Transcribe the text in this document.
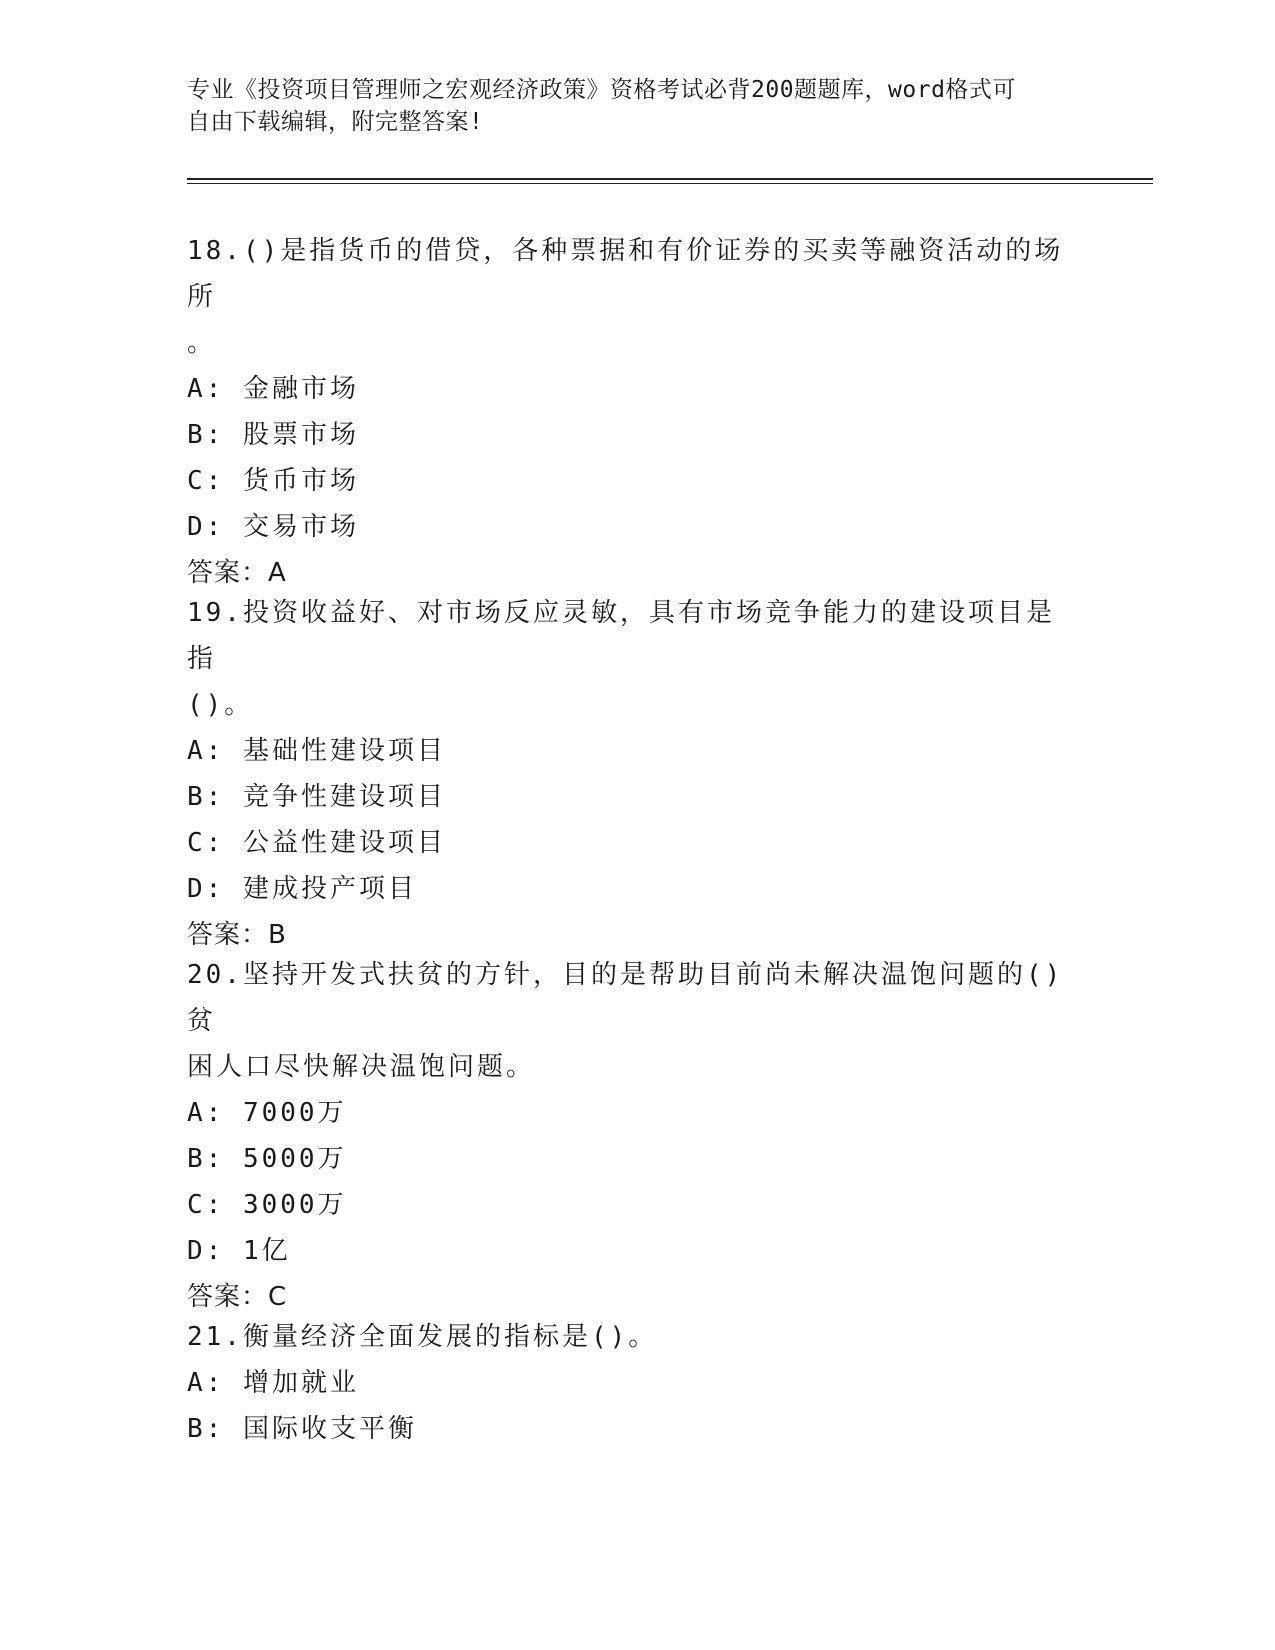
专业《投资项目管理师之宏观经济政策》资格考试必背200题题库，word格式可
自由下载编辑，附完整答案!
18.()是指货币的借贷，各种票据和有价证券的买卖等融资活动的场所
。
A: 金融市场
B: 股票市场
C: 货币市场
D: 交易市场
答案：A
19.投资收益好、对市场反应灵敏，具有市场竞争能力的建设项目是指
()。
A: 基础性建设项目
B: 竞争性建设项目
C: 公益性建设项目
D: 建成投产项目
答案：B
20.坚持开发式扶贫的方针，目的是帮助目前尚未解决温饱问题的()贫
困人口尽快解决温饱问题。
A: 7000万
B: 5000万
C: 3000万
D: 1亿
答案：C
21.衡量经济全面发展的指标是()。
A: 增加就业
B: 国际收支平衡
